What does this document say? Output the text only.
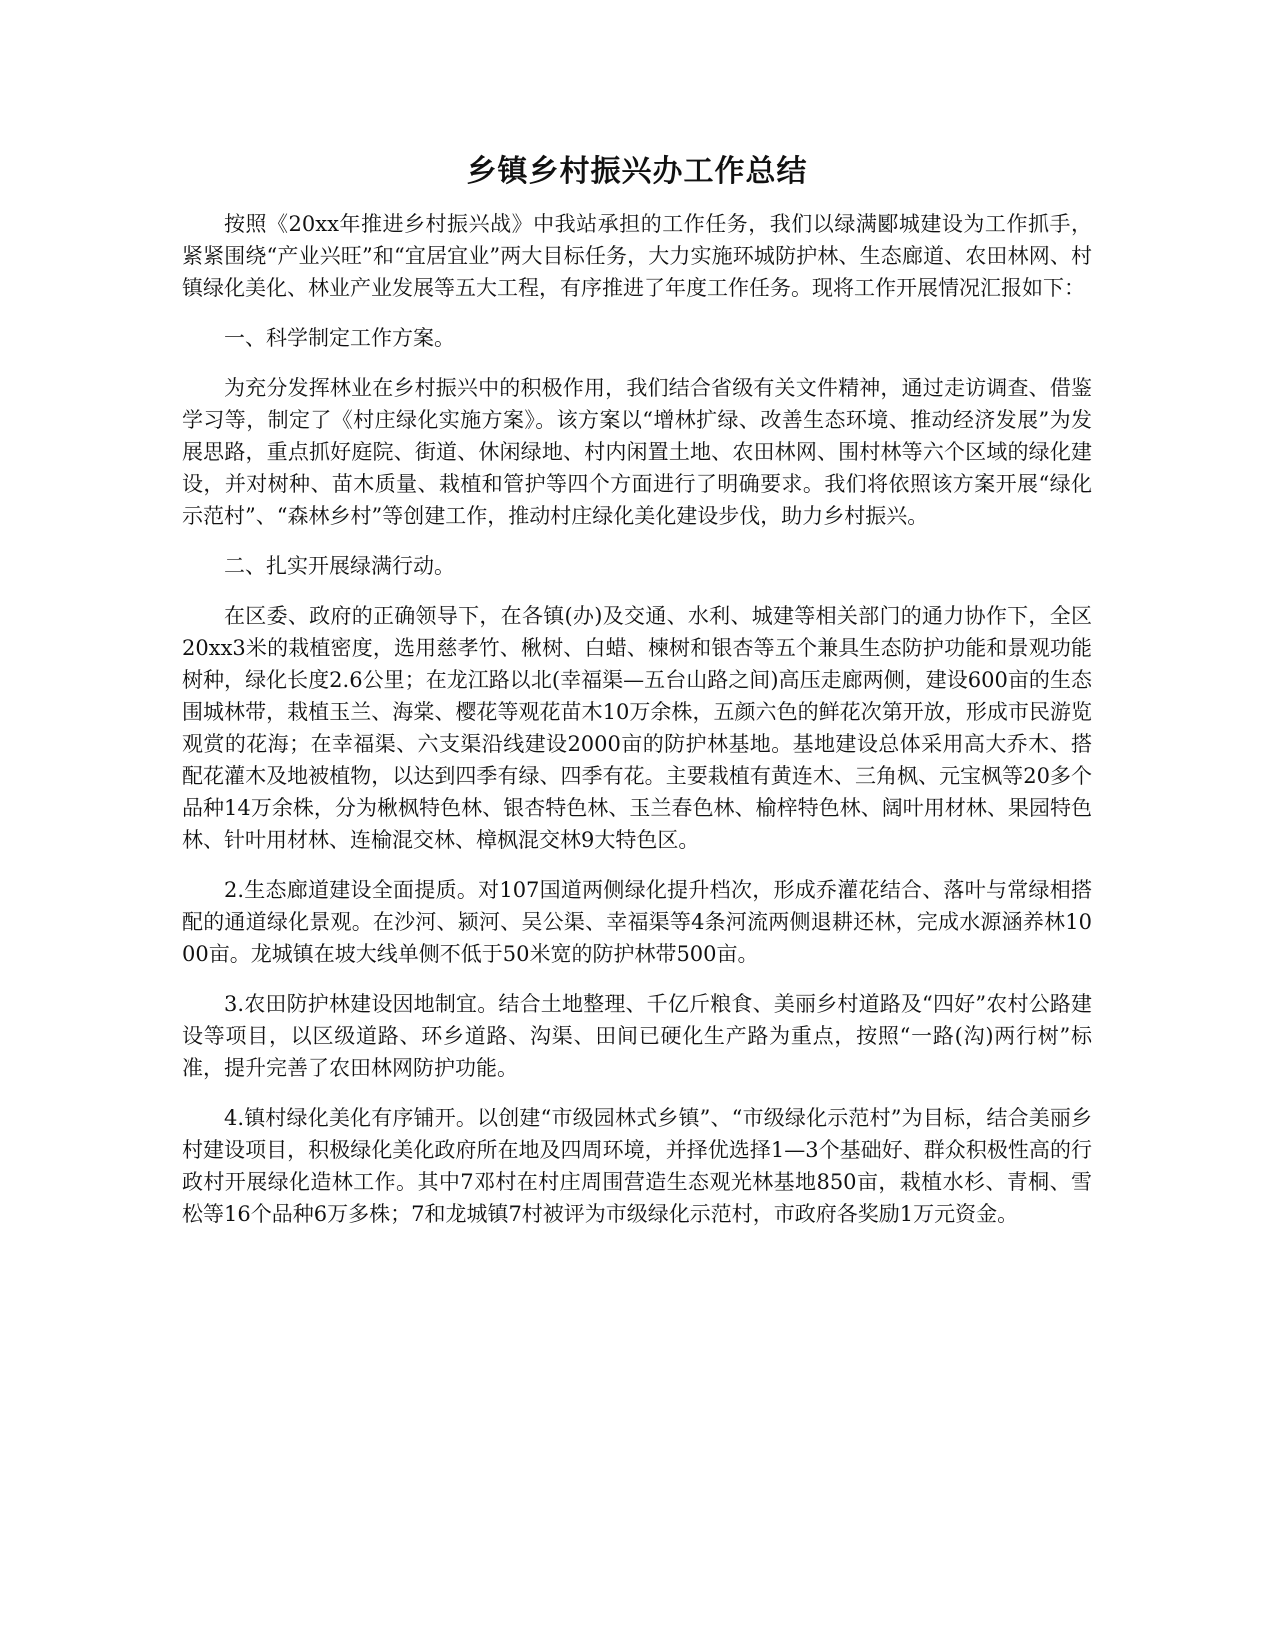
乡镇乡村振兴办工作总结

按照《20xx年推进乡村振兴战》中我站承担的工作任务，我们以绿满郾城建设为工作抓手，紧紧围绕“产业兴旺”和“宜居宜业”两大目标任务，大力实施环城防护林、生态廊道、农田林网、村镇绿化美化、林业产业发展等五大工程，有序推进了年度工作任务。现将工作开展情况汇报如下：

一、科学制定工作方案。

为充分发挥林业在乡村振兴中的积极作用，我们结合省级有关文件精神，通过走访调查、借鉴学习等，制定了《村庄绿化实施方案》。该方案以“增林扩绿、改善生态环境、推动经济发展”为发展思路，重点抓好庭院、街道、休闲绿地、村内闲置土地、农田林网、围村林等六个区域的绿化建设，并对树种、苗木质量、栽植和管护等四个方面进行了明确要求。我们将依照该方案开展“绿化示范村”、“森林乡村”等创建工作，推动村庄绿化美化建设步伐，助力乡村振兴。

二、扎实开展绿满行动。

在区委、政府的正确领导下，在各镇(办)及交通、水利、城建等相关部门的通力协作下，全区20xx3米的栽植密度，选用慈孝竹、楸树、白蜡、楝树和银杏等五个兼具生态防护功能和景观功能树种，绿化长度2.6公里；在龙江路以北(幸福渠—五台山路之间)高压走廊两侧，建设600亩的生态围城林带，栽植玉兰、海棠、樱花等观花苗木10万余株，五颜六色的鲜花次第开放，形成市民游览观赏的花海；在幸福渠、六支渠沿线建设2000亩的防护林基地。基地建设总体采用高大乔木、搭配花灌木及地被植物，以达到四季有绿、四季有花。主要栽植有黄连木、三角枫、元宝枫等20多个品种14万余株，分为楸枫特色林、银杏特色林、玉兰春色林、榆梓特色林、阔叶用材林、果园特色林、针叶用材林、连榆混交林、樟枫混交林9大特色区。

2.生态廊道建设全面提质。对107国道两侧绿化提升档次，形成乔灌花结合、落叶与常绿相搭配的通道绿化景观。在沙河、颍河、吴公渠、幸福渠等4条河流两侧退耕还林，完成水源涵养林1000亩。龙城镇在坡大线单侧不低于50米宽的防护林带500亩。

3.农田防护林建设因地制宜。结合土地整理、千亿斤粮食、美丽乡村道路及“四好”农村公路建设等项目，以区级道路、环乡道路、沟渠、田间已硬化生产路为重点，按照“一路(沟)两行树”标准，提升完善了农田林网防护功能。

4.镇村绿化美化有序铺开。以创建“市级园林式乡镇”、“市级绿化示范村”为目标，结合美丽乡村建设项目，积极绿化美化政府所在地及四周环境，并择优选择1—3个基础好、群众积极性高的行政村开展绿化造林工作。其中7邓村在村庄周围营造生态观光林基地850亩，栽植水杉、青桐、雪松等16个品种6万多株；7和龙城镇7村被评为市级绿化示范村，市政府各奖励1万元资金。
